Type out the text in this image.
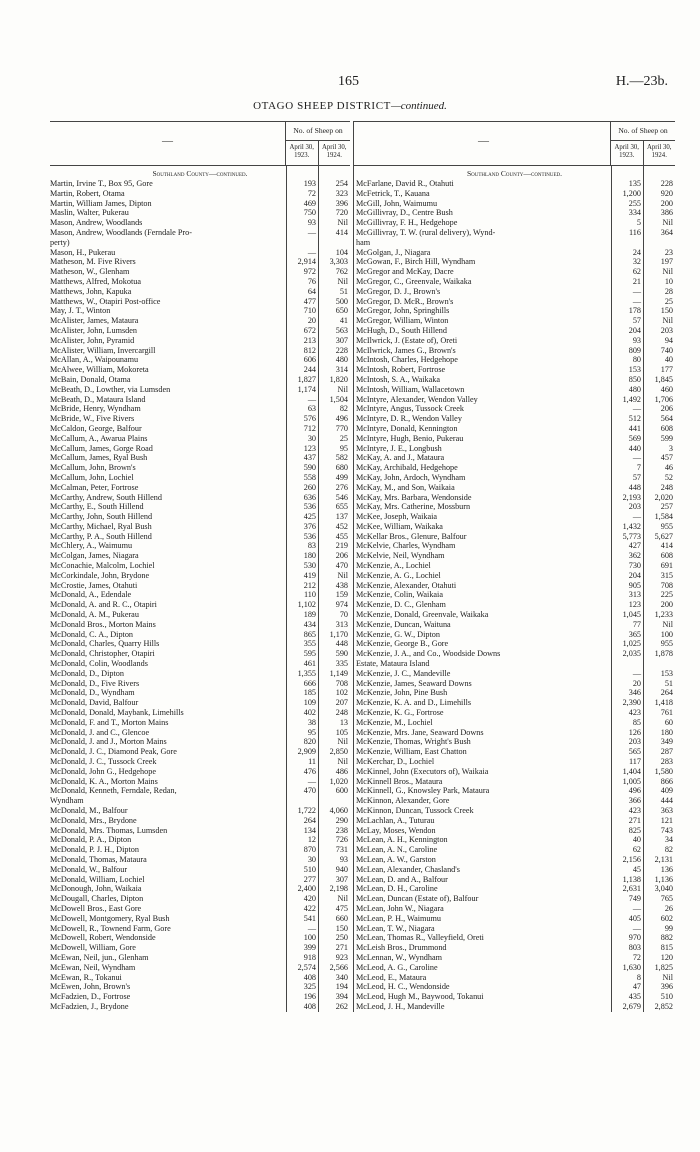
165	H.—23b.
OTAGO SHEEP DISTRICT—continued.
—
No. of Sheep on
April 30, 1923.
April 30, 1924.
Southland County—continued.
Martin, Irvine T., Box 95, Gore	193	254
Martin, Robert, Otama	72	323
Martin, William James, Dipton	469	396
Maslin, Walter, Pukerau	750	720
Mason, Andrew, Woodlands	93	Nil
Mason, Andrew, Woodlands (Ferndale Pro-	—	414
perty)
Mason, H., Pukerau	—	104
Matheson, M. Five Rivers	2,914	3,303
Matheson, W., Glenham	972	762
Matthews, Alfred, Mokotua	76	Nil
Matthews, John, Kapuka	64	51
Matthews, W., Otapiri Post-office	477	500
May, J. T., Winton	710	650
McAlister, James, Mataura	20	41
McAlister, John, Lumsden	672	563
McAlister, John, Pyramid	213	307
McAlister, William, Invercargill	812	228
McAllan, A., Waipounamu	606	480
McAlwee, William, Mokoreta	244	314
McBain, Donald, Otama	1,827	1,820
McBeath, D., Lowther, via Lumsden	1,174	Nil
McBeath, D., Mataura Island	—	1,504
McBride, Henry, Wyndham	63	82
McBride, W., Five Rivers	576	496
McCaldon, George, Balfour	712	770
McCallum, A., Awarua Plains	30	25
McCallum, James, Gorge Road	123	95
McCallum, James, Ryal Bush	437	582
McCallum, John, Brown's	590	680
McCallum, John, Lochiel	558	499
McCalman, Peter, Fortrose	260	276
McCarthy, Andrew, South Hillend	636	546
McCarthy, E., South Hillend	536	655
McCarthy, John, South Hillend	425	137
McCarthy, Michael, Ryal Bush	376	452
McCarthy, P. A., South Hillend	536	455
McChlery, A., Waimumu	83	219
McColgan, James, Niagara	180	206
McConachie, Malcolm, Lochiel	530	470
McCorkindale, John, Brydone	419	Nil
McCrostie, James, Otahuti	212	438
McDonald, A., Edendale	110	159
McDonald, A. and R. C., Otapiri	1,102	974
McDonald, A. M., Pukerau	189	70
McDonald Bros., Morton Mains	434	313
McDonald, C. A., Dipton	865	1,170
McDonald, Charles, Quarry Hills	355	448
McDonald, Christopher, Otapiri	595	590
McDonald, Colin, Woodlands	461	335
McDonald, D., Dipton	1,355	1,149
McDonald, D., Five Rivers	666	708
McDonald, D., Wyndham	185	102
McDonald, David, Balfour	109	207
McDonald, Donald, Maybank, Limehills	402	248
McDonald, F. and T., Morton Mains	38	13
McDonald, J. and C., Glencoe	95	105
McDonald, J. and J., Morton Mains	820	Nil
McDonald, J. C., Diamond Peak, Gore	2,909	2,850
McDonald, J. C., Tussock Creek	11	Nil
McDonald, John G., Hedgehope	476	486
McDonald, K. A., Morton Mains	—	1,020
McDonald, Kenneth, Ferndale, Redan,	470	600
Wyndham
McDonald, M., Balfour	1,722	4,060
McDonald, Mrs., Brydone	264	290
McDonald, Mrs. Thomas, Lumsden	134	238
McDonald, P. A., Dipton	12	726
McDonald, P. J. H., Dipton	870	731
McDonald, Thomas, Mataura	30	93
McDonald, W., Balfour	510	940
McDonald, William, Lochiel	277	307
McDonough, John, Waikaia	2,400	2,198
McDougall, Charles, Dipton	420	Nil
McDowell Bros., East Gore	422	475
McDowell, Montgomery, Ryal Bush	541	660
McDowell, R., Townend Farm, Gore	—	150
McDowell, Robert, Wendonside	100	250
McDowell, William, Gore	399	271
McEwan, Neil, jun., Glenham	918	923
McEwan, Neil, Wyndham	2,574	2,566
McEwan, R., Tokanui	408	340
McEwen, John, Brown's	325	194
McFadzien, D., Fortrose	196	394
McFadzien, J., Brydone	408	262
—
No. of Sheep on
April 30, 1923.
April 30, 1924.
Southland County—continued.
McFarlane, David R., Otahuti	135	228
McFetrick, T., Kauana	1,200	920
McGill, John, Waimumu	255	200
McGillivray, D., Centre Bush	334	386
McGillivray, F. H., Hedgehope	5	Nil
McGillivray, T. W. (rural delivery), Wynd-	116	364
ham
McGolgan, J., Niagara	24	23
McGowan, F., Birch Hill, Wyndham	32	197
McGregor and McKay, Dacre	62	Nil
McGregor, C., Greenvale, Waikaka	21	10
McGregor, D. J., Brown's	—	28
McGregor, D. McR., Brown's	—	25
McGregor, John, Springhills	178	150
McGregor, William, Winton	57	Nil
McHugh, D., South Hillend	204	203
McIlwrick, J. (Estate of), Oreti	93	94
McIlwrick, James G., Brown's	809	740
McIntosh, Charles, Hedgehope	80	40
McIntosh, Robert, Fortrose	153	177
McIntosh, S. A., Waikaka	850	1,845
McIntosh, William, Wallacetown	480	460
McIntyre, Alexander, Wendon Valley	1,492	1,706
McIntyre, Angus, Tussock Creek	—	206
McIntyre, D. R., Wendon Valley	512	564
McIntyre, Donald, Kennington	441	608
McIntyre, Hugh, Benio, Pukerau	569	599
McIntyre, J. E., Longbush	440	3
McKay, A. and J., Mataura	—	457
McKay, Archibald, Hedgehope	7	46
McKay, John, Ardoch, Wyndham	57	52
McKay, M., and Son, Waikaia	448	248
McKay, Mrs. Barbara, Wendonside	2,193	2,020
McKay, Mrs. Catherine, Mossburn	203	257
McKee, Joseph, Waikaia	—	1,584
McKee, William, Waikaka	1,432	955
McKellar Bros., Glenure, Balfour	5,773	5,627
McKelvie, Charles, Wyndham	427	414
McKelvie, Neil, Wyndham	362	608
McKenzie, A., Lochiel	730	691
McKenzie, A. G., Lochiel	204	315
McKenzie, Alexander, Otahuti	905	708
McKenzie, Colin, Waikaia	313	225
McKenzie, D. C., Glenham	123	200
McKenzie, Donald, Greenvale, Waikaka	1,045	1,233
McKenzie, Duncan, Waituna	77	Nil
McKenzie, G. W., Dipton	365	100
McKenzie, George B., Gore	1,025	955
McKenzie, J. A., and Co., Woodside Downs	2,035	1,878
Estate, Mataura Island
McKenzie, J. C., Mandeville	—	153
McKenzie, James, Seaward Downs	20	51
McKenzie, John, Pine Bush	346	264
McKenzie, K. A. and D., Limehills	2,390	1,418
McKenzie, K. G., Fortrose	423	761
McKenzie, M., Lochiel	85	60
McKenzie, Mrs. Jane, Seaward Downs	126	180
McKenzie, Thomas, Wright's Bush	203	349
McKenzie, William, East Chatton	565	287
McKerchar, D., Lochiel	117	283
McKinnel, John (Executors of), Waikaia	1,404	1,580
McKinnell Bros., Mataura	1,005	866
McKinnell, G., Knowsley Park, Mataura	496	409
McKinnon, Alexander, Gore	366	444
McKinnon, Duncan, Tussock Creek	423	363
McLachlan, A., Tuturau	271	121
McLay, Moses, Wendon	825	743
McLean, A. H., Kennington	40	34
McLean, A. N., Caroline	62	82
McLean, A. W., Garston	2,156	2,131
McLean, Alexander, Chasland's	45	136
McLean, D. and A., Balfour	1,138	1,136
McLean, D. H., Caroline	2,631	3,040
McLean, Duncan (Estate of), Balfour	749	765
McLean, John W., Niagara	—	26
McLean, P. H., Waimumu	405	602
McLean, T. W., Niagara	—	99
McLean, Thomas R., Valleyfield, Oreti	970	882
McLeish Bros., Drummond	803	815
McLennan, W., Wyndham	72	120
McLeod, A. G., Caroline	1,630	1,825
McLeod, E., Mataura	8	Nil
McLeod, H. C., Wendonside	47	396
McLeod, Hugh M., Baywood, Tokanui	435	510
McLeod, J. H., Mandeville	2,679	2,852
